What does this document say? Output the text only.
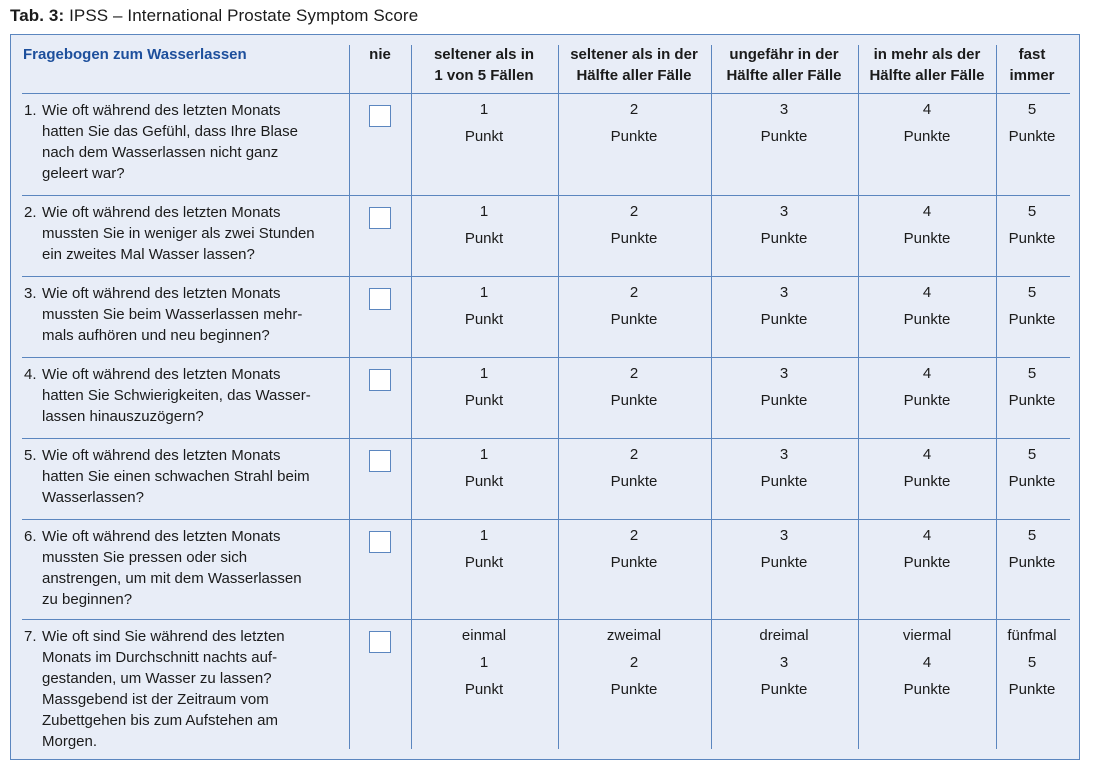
Tab. 3: IPSS – International Prostate Symptom Score
Fragebogen zum Wasserlassen	nie	seltener als in
1 von 5 Fällen
seltener als in der
Hälfte aller Fälle
ungefähr in der
Hälfte aller Fälle
in mehr als der
Hälfte aller Fälle
fast
immer
1. Wie oft während des letzten Monats
hatten Sie das Gefühl, dass Ihre Blase
nach dem Wasserlassen nicht ganz
geleert war?
1
Punkt
2
Punkte
3
Punkte
4
Punkte
5
Punkte
2. Wie oft während des letzten Monats
mussten Sie in weniger als zwei Stunden
ein zweites Mal Wasser lassen?
1
Punkt
2
Punkte
3
Punkte
4
Punkte
5
Punkte
3. Wie oft während des letzten Monats
mussten Sie beim Wasserlassen mehr-
mals aufhören und neu beginnen?
1
Punkt
2
Punkte
3
Punkte
4
Punkte
5
Punkte
4. Wie oft während des letzten Monats
hatten Sie Schwierigkeiten, das Wasser-
lassen hinauszuzögern?
1
Punkt
2
Punkte
3
Punkte
4
Punkte
5
Punkte
5. Wie oft während des letzten Monats
hatten Sie einen schwachen Strahl beim
Wasserlassen?
1
Punkt
2
Punkte
3
Punkte
4
Punkte
5
Punkte
6. Wie oft während des letzten Monats
mussten Sie pressen oder sich
anstrengen, um mit dem Wasserlassen
zu beginnen?
1
Punkt
2
Punkte
3
Punkte
4
Punkte
5
Punkte
7. Wie oft sind Sie während des letzten
Monats im Durchschnitt nachts auf-
gestanden, um Wasser zu lassen?
Massgebend ist der Zeitraum vom
Zubettgehen bis zum Aufstehen am
Morgen.
einmal
1
Punkt
zweimal
2
Punkte
dreimal
3
Punkte
viermal
4
Punkte
fünfmal
5
Punkte
